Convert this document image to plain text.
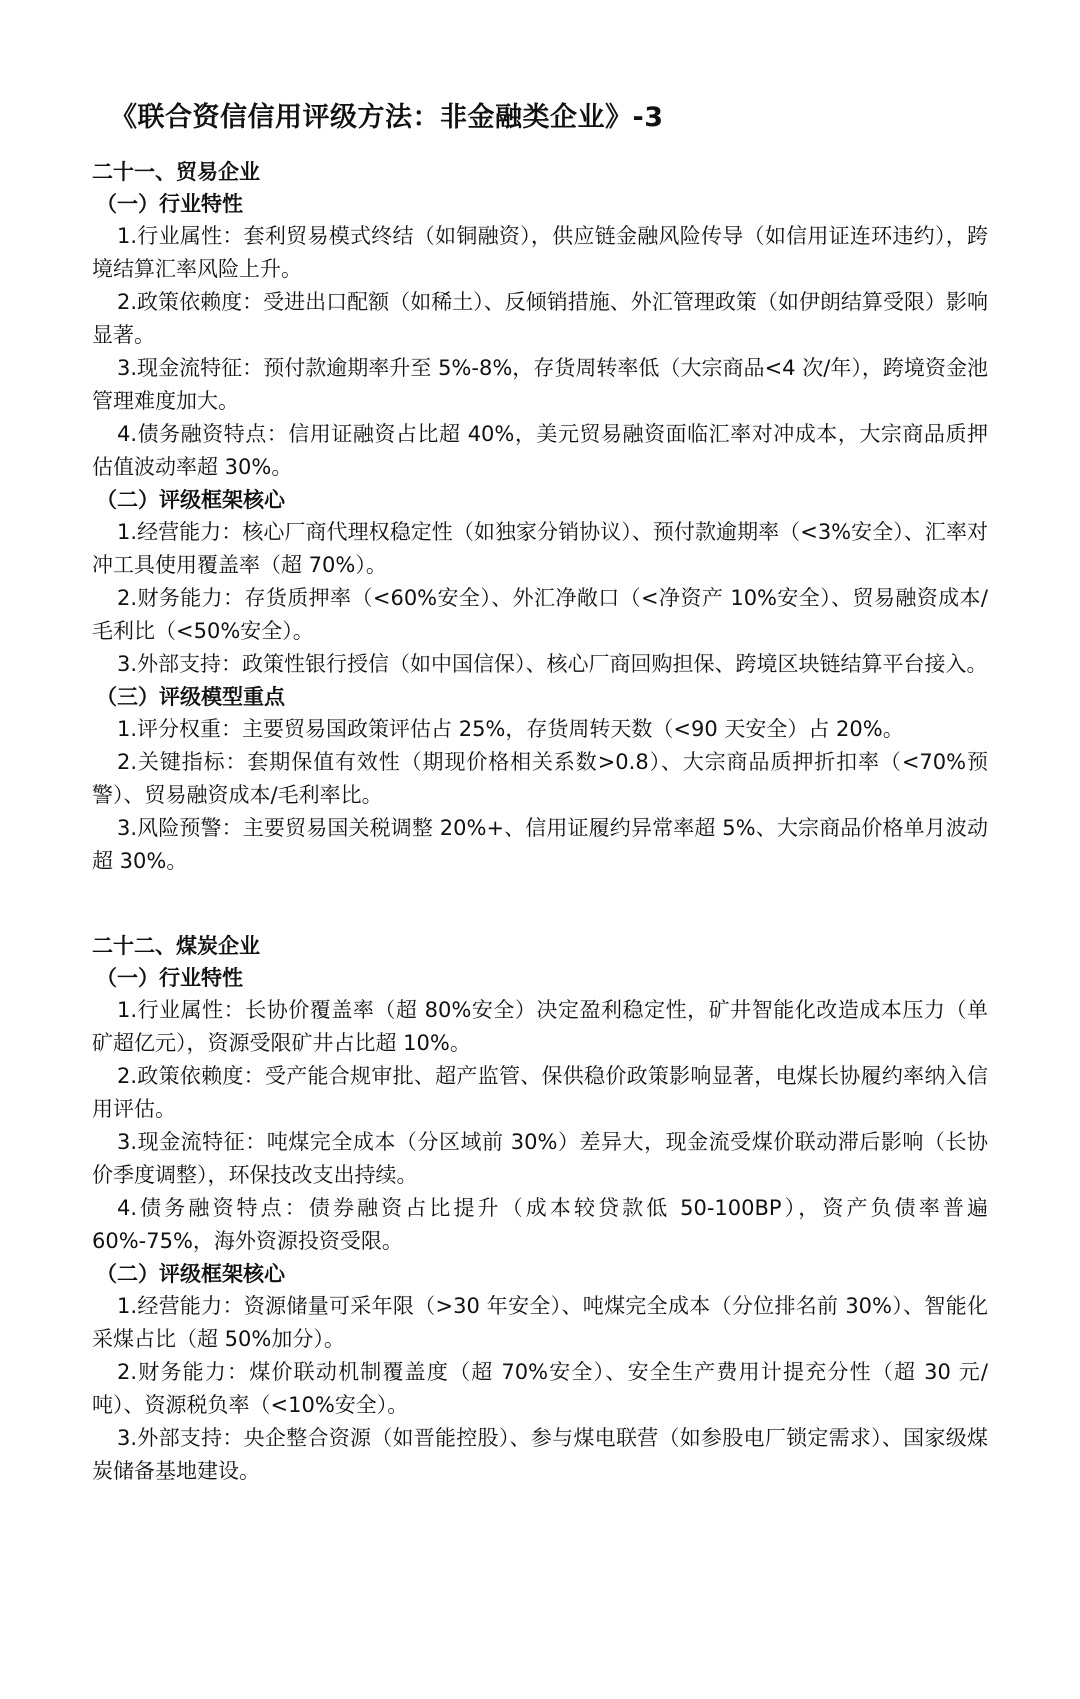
《联合资信信用评级方法：非金融类企业》-3
二十一、贸易企业
（一）行业特性

1.行业属性：套利贸易模式终结（如铜融资），供应链金融风险传导（如信用证连环违约），跨境结算汇率风险上升。

2.政策依赖度：受进出口配额（如稀土）、反倾销措施、外汇管理政策（如伊朗结算受限）影响显著。

3.现金流特征：预付款逾期率升至 5%-8%，存货周转率低（大宗商品<4 次/年），跨境资金池管理难度加大。

4.债务融资特点：信用证融资占比超 40%，美元贸易融资面临汇率对冲成本，大宗商品质押估值波动率超 30%。

（二）评级框架核心

1.经营能力：核心厂商代理权稳定性（如独家分销协议）、预付款逾期率（<3%安全）、汇率对冲工具使用覆盖率（超 70%）。

2.财务能力：存货质押率（<60%安全）、外汇净敞口（<净资产 10%安全）、贸易融资成本/毛利比（<50%安全）。

3.外部支持：政策性银行授信（如中国信保）、核心厂商回购担保、跨境区块链结算平台接入。

（三）评级模型重点

1.评分权重：主要贸易国政策评估占 25%，存货周转天数（<90 天安全）占 20%。

2.关键指标：套期保值有效性（期现价格相关系数>0.8）、大宗商品质押折扣率（<70%预警）、贸易融资成本/毛利率比。

3.风险预警：主要贸易国关税调整 20%+、信用证履约异常率超 5%、大宗商品价格单月波动超 30%。

二十二、煤炭企业
（一）行业特性

1.行业属性：长协价覆盖率（超 80%安全）决定盈利稳定性，矿井智能化改造成本压力（单矿超亿元），资源受限矿井占比超 10%。

2.政策依赖度：受产能合规审批、超产监管、保供稳价政策影响显著，电煤长协履约率纳入信用评估。

3.现金流特征：吨煤完全成本（分区域前 30%）差异大，现金流受煤价联动滞后影响（长协价季度调整），环保技改支出持续。

4.债务融资特点：债券融资占比提升（成本较贷款低 50-100BP），资产负债率普遍 60%-75%，海外资源投资受限。

（二）评级框架核心

1.经营能力：资源储量可采年限（>30 年安全）、吨煤完全成本（分位排名前 30%）、智能化采煤占比（超 50%加分）。

2.财务能力：煤价联动机制覆盖度（超 70%安全）、安全生产费用计提充分性（超 30 元/吨）、资源税负率（<10%安全）。

3.外部支持：央企整合资源（如晋能控股）、参与煤电联营（如参股电厂锁定需求）、国家级煤炭储备基地建设。
